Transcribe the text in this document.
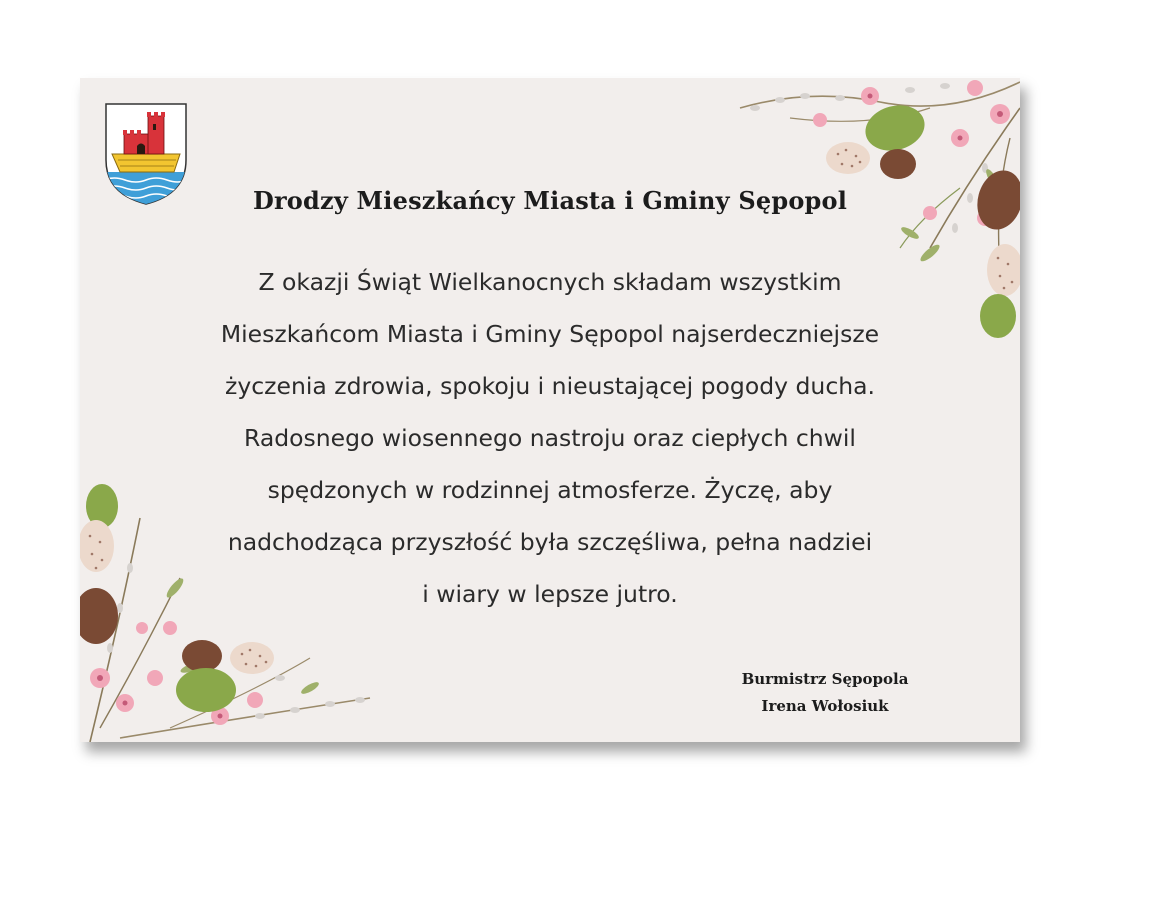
Drodzy Mieszkańcy Miasta i Gminy Sępopol

Z okazji Świąt Wielkanocnych składam wszystkim
Mieszkańcom Miasta i Gminy Sępopol najserdeczniejsze
życzenia zdrowia, spokoju i nieustającej pogody ducha.
Radosnego wiosennego nastroju oraz ciepłych chwil
spędzonych w rodzinnej atmosferze. Życzę, aby
nadchodząca przyszłość była szczęśliwa, pełna nadziei
i wiary w lepsze jutro.

Burmistrz Sępopola
Irena Wołosiuk
